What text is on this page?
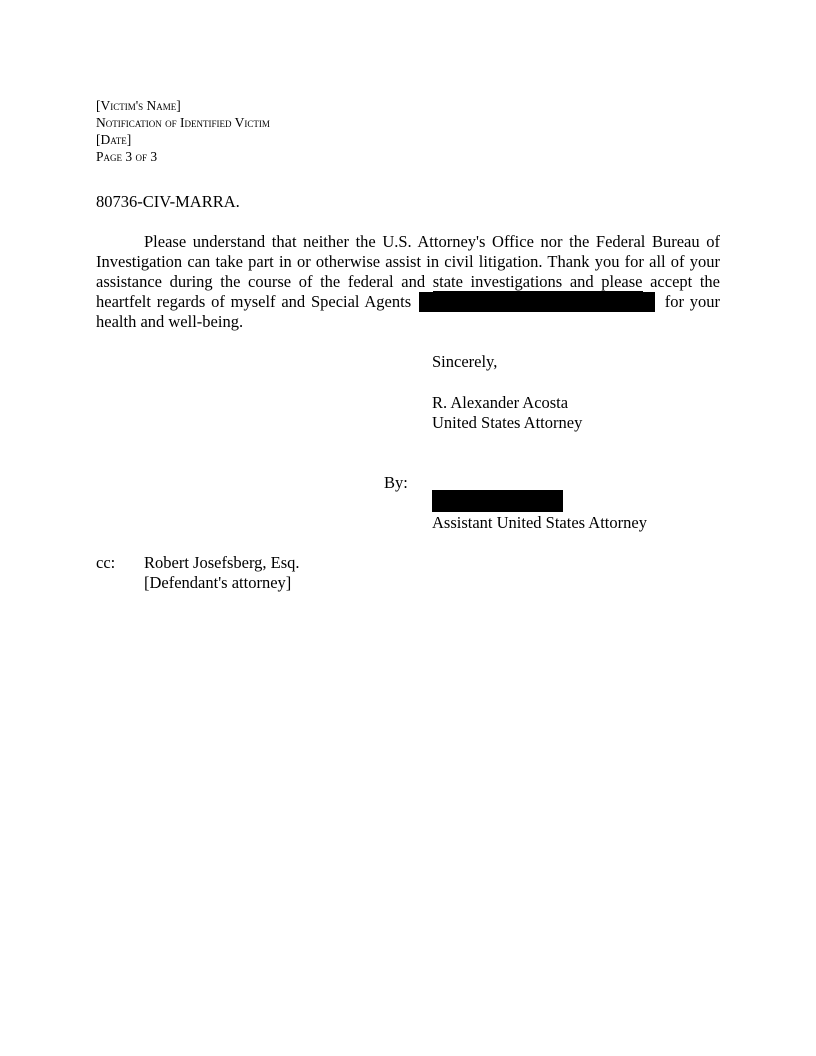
[Victim's Name]
Notification of Identified Victim
[Date]
Page 3 of 3
80736-CIV-MARRA.
Please understand that neither the U.S. Attorney's Office nor the Federal Bureau of Investigation can take part in or otherwise assist in civil litigation. Thank you for all of your assistance during the course of the federal and state investigations and please accept the heartfelt regards of myself and Special Agents	for your health and well-being.
Sincerely,
R. Alexander Acosta
United States Attorney
By:
Assistant United States Attorney
cc: Robert Josefsberg, Esq.
[Defendant's attorney]
